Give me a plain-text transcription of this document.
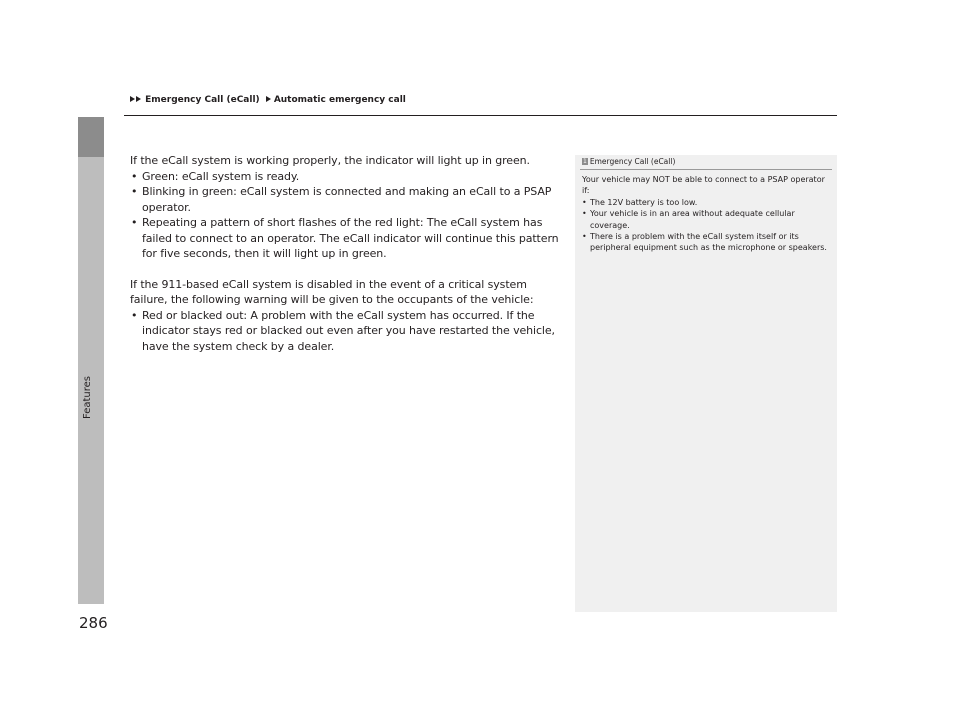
Features
Emergency Call (eCall) Automatic emergency call

If the eCall system is working properly, the indicator will light up in green.

• Green: eCall system is ready.

• Blinking in green: eCall system is connected and making an eCall to a PSAP operator.

• Repeating a pattern of short flashes of the red light: The eCall system has failed to connect to an operator. The eCall indicator will continue this pattern for five seconds, then it will light up in green.

If the 911-based eCall system is disabled in the event of a critical system failure, the following warning will be given to the occupants of the vehicle:

• Red or blacked out: A problem with the eCall system has occurred. If the indicator stays red or blacked out even after you have restarted the vehicle, have the system check by a dealer.

1 Emergency Call (eCall)

Your vehicle may NOT be able to connect to a PSAP operator if:

• The 12V battery is too low.

• Your vehicle is in an area without adequate cellular coverage.

• There is a problem with the eCall system itself or its peripheral equipment such as the microphone or speakers.

286
